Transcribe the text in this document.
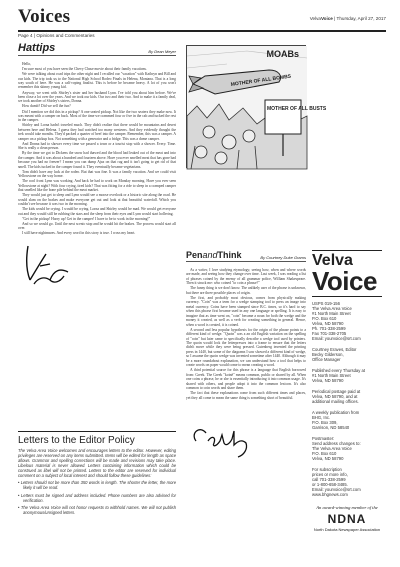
Voices	VelvaVoice | Thursday, April 27, 2017
Page 4 | Opinions and Commentaries
Hattips	By Dean Meyer

Hello,

I'm sure most of you have seen the Chevy Chase movie about their family vacations.

We were talking about road trips the other night and I recalled our "vacation" with Kathryn and Bill and our kids. The trip took us to the National High School Rodeo Finals in Helena, Montana. That is a long way south of here. He was a calf-roping finalist. This is before he became heavy. A lot of you won't remember this skinny young kid.

Anyway, we went with Shirley's sister and her husband Lynn. I've told you about him before. We've been close a lot over the years. And we took our kids. Our two and their two. And to make it a family deal, we took another of Shirley's sisters, Donna.

How dumb? Did we sell the fun?

Did I mention we did this in a pickup? A one seated pickup. Not like the two seaters they make now. It was meant with a camper on back. Most of the time we crammed four or five in the cab and tucked the rest in the camper.

Shirley and Lorna hadn't traveled much. They didn't realize that there would be mountains and desert between here and Helena. I guess they had watched too many westerns. And they evidently thought the trek would take months. They'd packed a quarter of beef into the camper. Remember, this was a camper. A camper on a pickup box. Not something with a generator and a fridge. This was a dome camper.

And Donna had to shower every time we passed a town or a tourist stop with a shower. Every. Time. She is really a clean person.

By the time we got to Dickens the snow had thawed and the blood had leaked out of the meat and into the camper. And it was about a hundred and fourteen above. Have you ever smelled meat that has gone bad because you had no freezer? I mean you can dump Ajax on that rug and it isn't going to get rid of that smell. The kids tucked in the camper found it. They eventually became vegetarians.

Tom didn't have any luck at the rodeo. But that was fine. It was a family vacation. And we could visit Yellowstone on the way home.

The cool front Lynn was working. And back he had to work on Monday morning. Have you ever seen Yellowstone at night? With four crying, tired kids? That was fitting for a ride to sleep in a cramped camper that smelled like the bone pile behind the meat market.

They would just get to sleep and Lynn would see a moose overlook or a historic site along the road. He would slam on the brakes and make everyone get out and look at that beautiful waterfall. Which you couldn't see because it was two in the morning.

The kids would be crying. I would be crying. Lorna and Shirley would be mad. We would get everyone out and they would still be rubbing the stars and the sleep from their eyes and Lynn would start hollering.

"Get in the pickup! Hurry up! Get in the camper! I have to be to work in the morning!"

And so we would go. Until the next scenic stop and he would hit the brakes. The process would start all over.

I still have nightmares. And every word in this story is true. I cross my heart.

Letters to the Editor Policy

The Velva Area Voice welcomes and encourages letters to the editor. However, editing privileges are reserved on any items submitted. Items will be edited for length as space allows. Grammar and spelling corrections will be made and revisions may take place. Libelous material is never allowed. Letters containing information which could be construed as libel will not be printed. Letters to the editor are reserved for individual comment on a subject of local interest and should follow these guidelines:

• Letters should not be more than 350 words in length. The shorter the letter, the more likely it will be read.
• Letters must be signed and address included. Phone numbers are also advised for verification.
• The Velva Area Voice will not honor requests to withhold names. We will not publish anonymous/unsigned letters.
MOTHER OF ALL BOMBS
MOTHER OF ALL BUSTS
MOABs
PenandThink	By Courtney Duke Grams

As a writer, I love studying etymology; seeing how, when and where words are made, and seeing how they change over time. Last week, I was reading a list of phrases coined by the enemy of all grammar police, William Shakespeare. Then it struck me: who coined "to coin a phrase?"

The funny thing is we don't know. The unlikely user of the phrase is unknown, but there are three possible places of origin.

The first, and probably most obvious, comes from physically making currency. "Coin" was a term for a wedge stamping tool to press an image into metal currency. Coins have been stamped since B.C. times, so it's hard to say when this phrase first became used in any one language or spelling. It is easy to imagine that as time went on, "coin" became a noun for both the wedge and the money it created, as well as a verb for creating something in general. Hence, when a word is created, it is coined.

A second and less popular hypothesis for the origin of the phrase points to a different kind of wedge. "Quoin" was a an old English variation on the spelling of "coin" but later came to specifically describe a wedge tool used by printers. The quoin would lock the letterpresses into a frame to ensure that the letters didn't move while they were being pressed. Gutenberg invented the printing press in 1440, but some of the diagrams I saw showed a different kind of wedge, so I assume the quoin wedge was invented sometime after 1440. Although it may be a more roundabout explanation, we can understand how a tool that helps to create words on paper would come to mean creating a word.

A third potential source for this phrase is a language that English borrowed from: Greek. The Greek "koinē" means common, public or shared by all. When one coins a phrase, he or she is essentially introducing it into common usage. It's shared with others, and people adopt it into the common lexicon. It's also common to coin words and share them.

The fact that these explanations come from such different times and places, yet they all come to mean the same thing is something short of beautiful.

Velva
Voice
USPS 019-156
The Velva Area Voice
#1 North Main Street
P.O. Box 610
Velva, ND 58790
Ph. 701-338-2599
Fax 701-338-2705
Email: yourvoice@srt.com
Courtney Eraves, Editor
Becky Gilderson,
Office Manager
Published every Thursday at
#1 North Main Street
Velva, ND 58790
Periodical postage paid at
Velva, ND 58790, and at
additional mailing offices.
A weekly publication from
BHG, Inc.
P.O. Box 309,
Garrison, ND 58540
Postmaster:
Send address changes to:
The Velva Area Voice
P.O. Box 610
Velva, ND 58790
For subscription
prices or more info,
call 701-338-2599
or 1-800-658-3485.
Email: yourvoice@srt.com
www.bhgnews.com
An award-winning member of the
NDNA
North Dakota Newspaper Association
